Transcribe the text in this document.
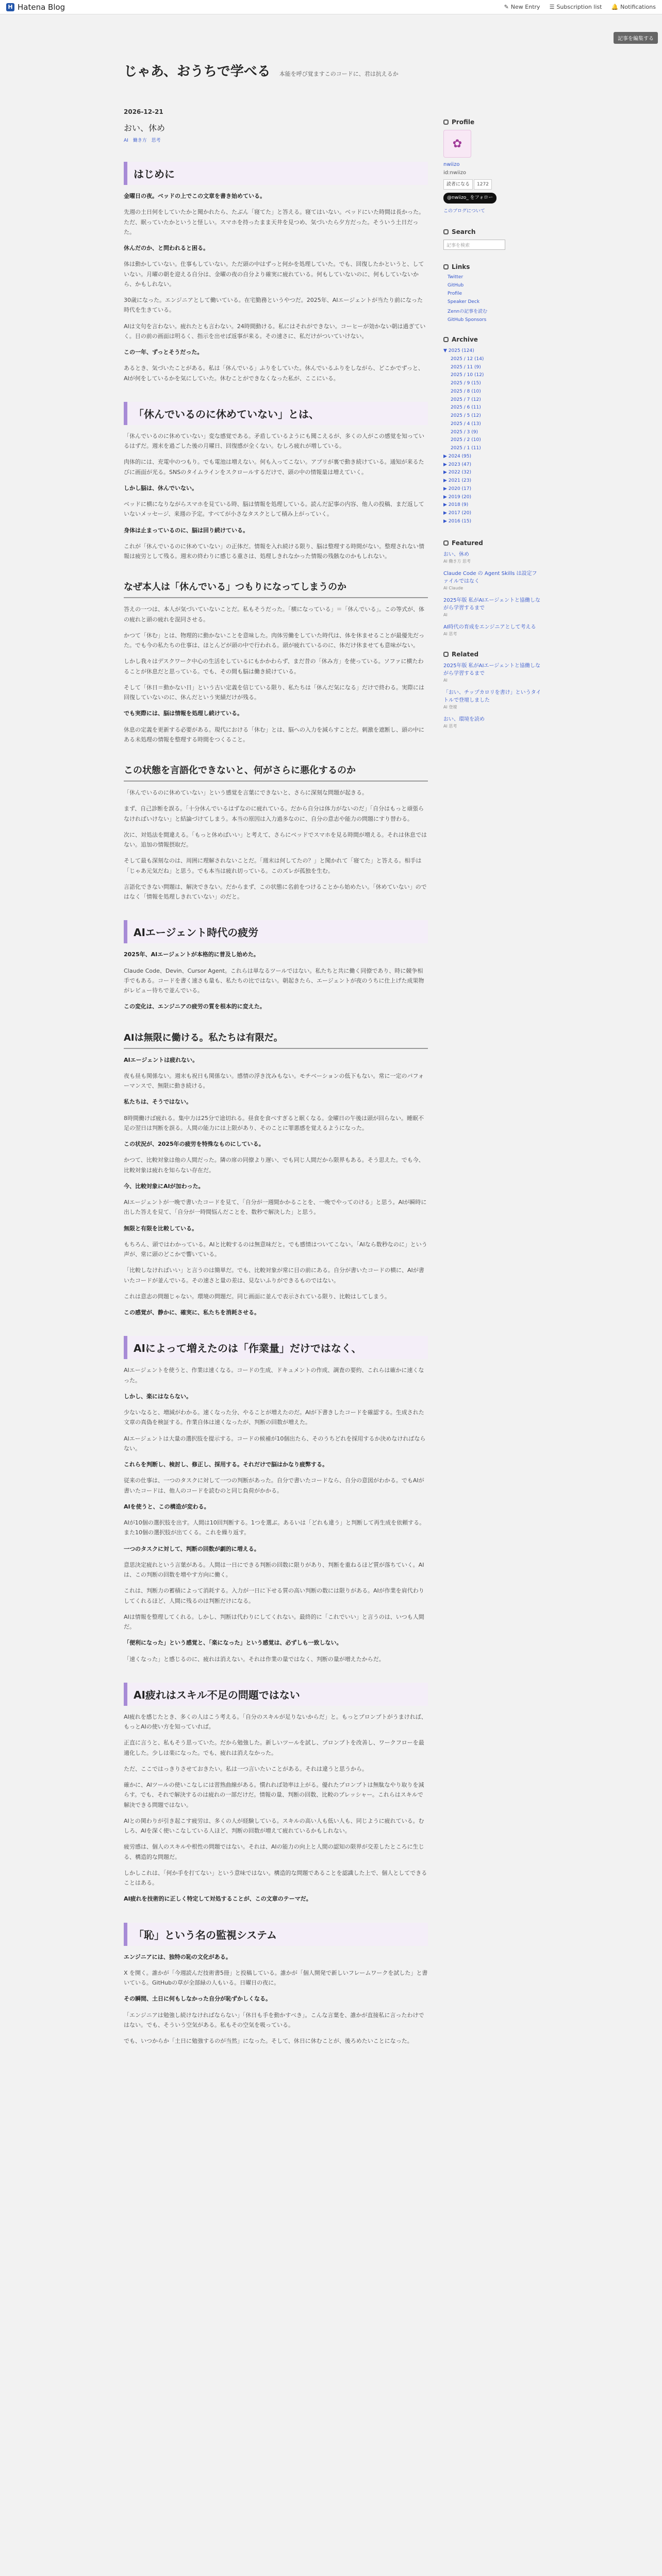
H Hatena Blog	✎ New Entry ☰ Subscription list 🔔 Notifications
記事を編集する
じゃあ、おうちで学べる 本能を呼び覚ますこのコードに、君は抗えるか
2026-12-21
おい、休め
AI 働き方 思考
はじめに

金曜日の夜。ベッドの上でこの文章を書き始めている。

先週の土日何をしていたかと聞かれたら、たぶん「寝てた」と答える。寝てはいない。ベッドにいた時間は長かった。ただ、眠っていたかというと怪しい。スマホを持ったまま天井を見つめ、気づいたら夕方だった。そういう土日だった。

休んだのか、と問われると困る。

体は動かしていない。仕事もしていない。ただ頭の中はずっと何かを処理していた。でも、回復したかというと、していない。月曜の朝を迎える自分は、金曜の夜の自分より確実に疲れている。何もしていないのに、何もしていないから、かもしれない。

30歳になった。エンジニアとして働いている。在宅勤務というやつだ。2025年、AIエージェントが当たり前になった時代を生きている。

AIは文句を言わない。疲れたとも言わない。24時間動ける。私にはそれができない。コーヒーが効かない朝は過ぎていく。目の前の画面は明るく、指示を出せば返事が来る。その速さに、私だけがついていけない。

この一年、ずっとそうだった。

あるとき、気づいたことがある。私は「休んでいる」ふりをしていた。休んでいるふりをしながら、どこかでずっと、AIが何をしているかを気にしていた。休むことができなくなった私が、ここにいる。

「休んでいるのに休めていない」とは、

「休んでいるのに休めていない」変な感覚である。矛盾しているようにも聞こえるが、多くの人がこの感覚を知っているはずだ。週末を過ごした後の月曜日、回復感が全くない。むしろ疲れが増している。

肉体的には、充電中のつもり。でも電池は増えない。何も入ってこない。アプリが裏で動き続けている。通知が来るたびに画面が光る。SNSのタイムラインをスクロールするだけで、頭の中の情報量は増えていく。

しかし脳は、休んでいない。

ベッドに横になりながらスマホを見ている時、脳は情報を処理している。読んだ記事の内容、他人の投稿、まだ返していないメッセージ、来週の予定。すべてが小さなタスクとして積み上がっていく。

身体は止まっているのに、脳は回り続けている。

これが「休んでいるのに休めていない」の正体だ。情報を入れ続ける限り、脳は整理する時間がない。整理されない情報は疲労として残る。週末の終わりに感じる重さは、処理しきれなかった情報の残骸なのかもしれない。

なぜ本人は「休んでいる」つもりになってしまうのか

答えの一つは、本人が気づいていないことだ。私もそうだった。「横になっている」＝「休んでいる」。この等式が、体の疲れと頭の疲れを混同させる。

かつて「休む」とは、物理的に動かないことを意味した。肉体労働をしていた時代は、体を休ませることが最優先だった。でも今の私たちの仕事は、ほとんどが頭の中で行われる。頭が疲れているのに、体だけ休ませても意味がない。

しかし我々はデスクワーク中心の生活をしているにもかかわらず、まだ昔の「休み方」を使っている。ソファに横たわることが休息だと思っている。でも、その間も脳は働き続けている。

そして「休日＝動かない日」という古い定義を信じている限り、私たちは「休んだ気になる」だけで終わる。実際には回復していないのに、休んだという実績だけが残る。

でも実際には、脳は情報を処理し続けている。

休息の定義を更新する必要がある。現代における「休む」とは、脳への入力を減らすことだ。刺激を遮断し、頭の中にある未処理の情報を整理する時間をつくること。

この状態を言語化できないと、何がさらに悪化するのか

「休んでいるのに休めていない」という感覚を言葉にできないと、さらに深刻な問題が起きる。

まず、自己診断を誤る。「十分休んでいるはずなのに疲れている。だから自分は体力がないのだ」「自分はもっと頑張らなければいけない」と結論づけてしまう。本当の原因は入力過多なのに、自分の意志や能力の問題にすり替わる。

次に、対処法を間違える。「もっと休めばいい」と考えて、さらにベッドでスマホを見る時間が増える。それは休息ではない。追加の情報摂取だ。

そして最も深刻なのは、周囲に理解されないことだ。「週末は何してたの？」と聞かれて「寝てた」と答える。相手は「じゃあ元気だね」と思う。でも本当は疲れ切っている。このズレが孤独を生む。

言語化できない問題は、解決できない。だからまず、この状態に名前をつけることから始めたい。「休めていない」のではなく「情報を処理しきれていない」のだと。

AIエージェント時代の疲労

2025年、AIエージェントが本格的に普及し始めた。

Claude Code、Devin、Cursor Agent。これらは単なるツールではない。私たちと共に働く同僚であり、時に競争相手でもある。コードを書く速さも量も、私たちの比ではない。朝起きたら、エージェントが夜のうちに仕上げた成果物がレビュー待ちで並んでいる。

この変化は、エンジニアの疲労の質を根本的に変えた。

AIは無限に働ける。私たちは有限だ。

AIエージェントは疲れない。

夜も昼も関係ない。週末も祝日も関係ない。感情の浮き沈みもない。モチベーションの低下もない。常に一定のパフォーマンスで、無限に動き続ける。

私たちは、そうではない。

8時間働けば疲れる。集中力は25分で途切れる。昼食を食べすぎると眠くなる。金曜日の午後は頭が回らない。睡眠不足の翌日は判断を誤る。人間の能力には上限があり、そのことに罪悪感を覚えるようになった。

この状況が、2025年の疲労を特殊なものにしている。

かつて、比較対象は他の人間だった。隣の席の同僚より遅い、でも同じ人間だから限界もある。そう思えた。でも今、比較対象は疲れを知らない存在だ。

今、比較対象にAIが加わった。

AIエージェントが一晩で書いたコードを見て、「自分が一週間かかることを、一晩でやってのける」と思う。AIが瞬時に出した答えを見て、「自分が一時間悩んだことを、数秒で解決した」と思う。

無限と有限を比較している。

もちろん、頭ではわかっている。AIと比較するのは無意味だと。でも感情はついてこない。「AIなら数秒なのに」という声が、常に頭のどこかで響いている。

「比較しなければいい」と言うのは簡単だ。でも、比較対象が常に目の前にある。自分が書いたコードの横に、AIが書いたコードが並んでいる。その速さと量の差は、見ないふりができるものではない。

これは意志の問題じゃない。環境の問題だ。同じ画面に並んで表示されている限り、比較はしてしまう。

この感覚が、静かに、確実に、私たちを消耗させる。

AIによって増えたのは「作業量」だけではなく、

AIエージェントを使うと、作業は速くなる。コードの生成、ドキュメントの作成、調査の要約、これらは確かに速くなった。

しかし、楽にはならない。

少ないなると、増減がわかる。速くなった分、やることが増えたのだ。AIが下書きしたコードを確認する。生成された文章の真偽を検証する。作業自体は速くなったが、判断の回数が増えた。

AIエージェントは大量の選択肢を提示する。コードの候補が10個出たら、そのうちどれを採用するか決めなければならない。

これらを判断し、検討し、修正し、採用する。それだけで脳はかなり疲弊する。

従来の仕事は、一つのタスクに対して一つの判断があった。自分で書いたコードなら、自分の意図がわかる。でもAIが書いたコードは、他人のコードを読むのと同じ負荷がかかる。

AIを使うと、この構造が変わる。

AIが10個の選択肢を出す。人間は10回判断する。1つを選ぶ。あるいは「どれも違う」と判断して再生成を依頼する。また10個の選択肢が出てくる。これを繰り返す。

一つのタスクに対して、判断の回数が劇的に増える。

意思決定疲れという言葉がある。人間は一日にできる判断の回数に限りがあり、判断を重ねるほど質が落ちていく。AIは、この判断の回数を増やす方向に働く。

これは、判断力の蓄積によって消耗する。入力が一日に下せる質の高い判断の数には限りがある。AIが作業を肩代わりしてくれるほど、人間に残るのは判断だけになる。

AIは情報を整理してくれる。しかし、判断は代わりにしてくれない。最終的に「これでいい」と言うのは、いつも人間だ。

「便利になった」という感覚と、「楽になった」という感覚は、必ずしも一致しない。

「速くなった」と感じるのに、疲れは消えない。それは作業の量ではなく、判断の量が増えたからだ。

AI疲れはスキル不足の問題ではない

AI疲れを感じたとき、多くの人はこう考える。「自分のスキルが足りないからだ」と。もっとプロンプトがうまければ、もっとAIの使い方を知っていれば。

正直に言うと、私もそう思っていた。だから勉強した。新しいツールを試し、プロンプトを改善し、ワークフローを最適化した。少しは楽になった。でも、疲れは消えなかった。

ただ、ここではっきりさせておきたい。私は一つ言いたいことがある。それは違うと思うから。

確かに、AIツールの使いこなしには習熟曲線がある。慣れれば効率は上がる。優れたプロンプトは無駄なやり取りを減らす。でも、それで解決するのは疲れの一部だけだ。情報の量、判断の回数、比較のプレッシャー。これらはスキルで解決できる問題ではない。

AIとの関わりが引き起こす疲労は、多くの人が経験している。スキルの高い人も低い人も、同じように疲れている。むしろ、AIを深く使いこなしている人ほど、判断の回数が増えて疲れているかもしれない。

疲労感は、個人のスキルや根性の問題ではない。それは、AIの能力の向上と人間の認知の限界が交差したところに生じる、構造的な問題だ。

しかしこれは、「何か手を打てない」という意味ではない。構造的な問題であることを認識した上で、個人としてできることはある。

AI疲れを技術的に正しく特定して対処することが、この文章のテーマだ。

「恥」という名の監視システム

エンジニアには、独特の恥の文化がある。

X を開く。誰かが「今週読んだ技術書5冊」と投稿している。誰かが「個人開発で新しいフレームワークを試した」と書いている。GitHubの草が全部緑の人もいる。日曜日の夜に。

その瞬間、土日に何もしなかった自分が恥ずかしくなる。

「エンジニアは勉強し続けなければならない」「休日も手を動かすべき」。こんな言葉を、誰かが直接私に言ったわけではない。でも、そういう空気がある。私もその空気を吸っている。

でも、いつからか「土日に勉強するのが当然」になった。そして、休日に休むことが、後ろめたいことになった。

Profile
✿
nwiizo
id:nwiizo
読者になる 1272
@nwiizo_ をフォロー
このブログについて
Search
記事を検索
Links
Twitter
GitHub
Profile
Speaker Deck
Zennの記事を読む
GitHub Sponsors
Archive
▼ 2025 (124)
2025 / 12 (14)
2025 / 11 (9)
2025 / 10 (12)
2025 / 9 (15)
2025 / 8 (10)
2025 / 7 (12)
2025 / 6 (11)
2025 / 5 (12)
2025 / 4 (13)
2025 / 3 (9)
2025 / 2 (10)
2025 / 1 (11)
▶ 2024 (95)
▶ 2023 (47)
▶ 2022 (32)
▶ 2021 (23)
▶ 2020 (17)
▶ 2019 (20)
▶ 2018 (9)
▶ 2017 (20)
▶ 2016 (15)
Featured
おい、休め
AI 働き方 思考
Claude Code の Agent Skills は設定ファイルではなく
AI Claude
2025年版 私がAIエージェントと協働しながら学習するまで
AI
AI時代の育成をエンジニアとして考える
AI 思考
Related
2025年版 私がAIエージェントと協働しながら学習するまで
AI
「おい、チップカロリを書け」というタイトルで登壇しました
AI 登壇
おい、環境を読め
AI 思考
